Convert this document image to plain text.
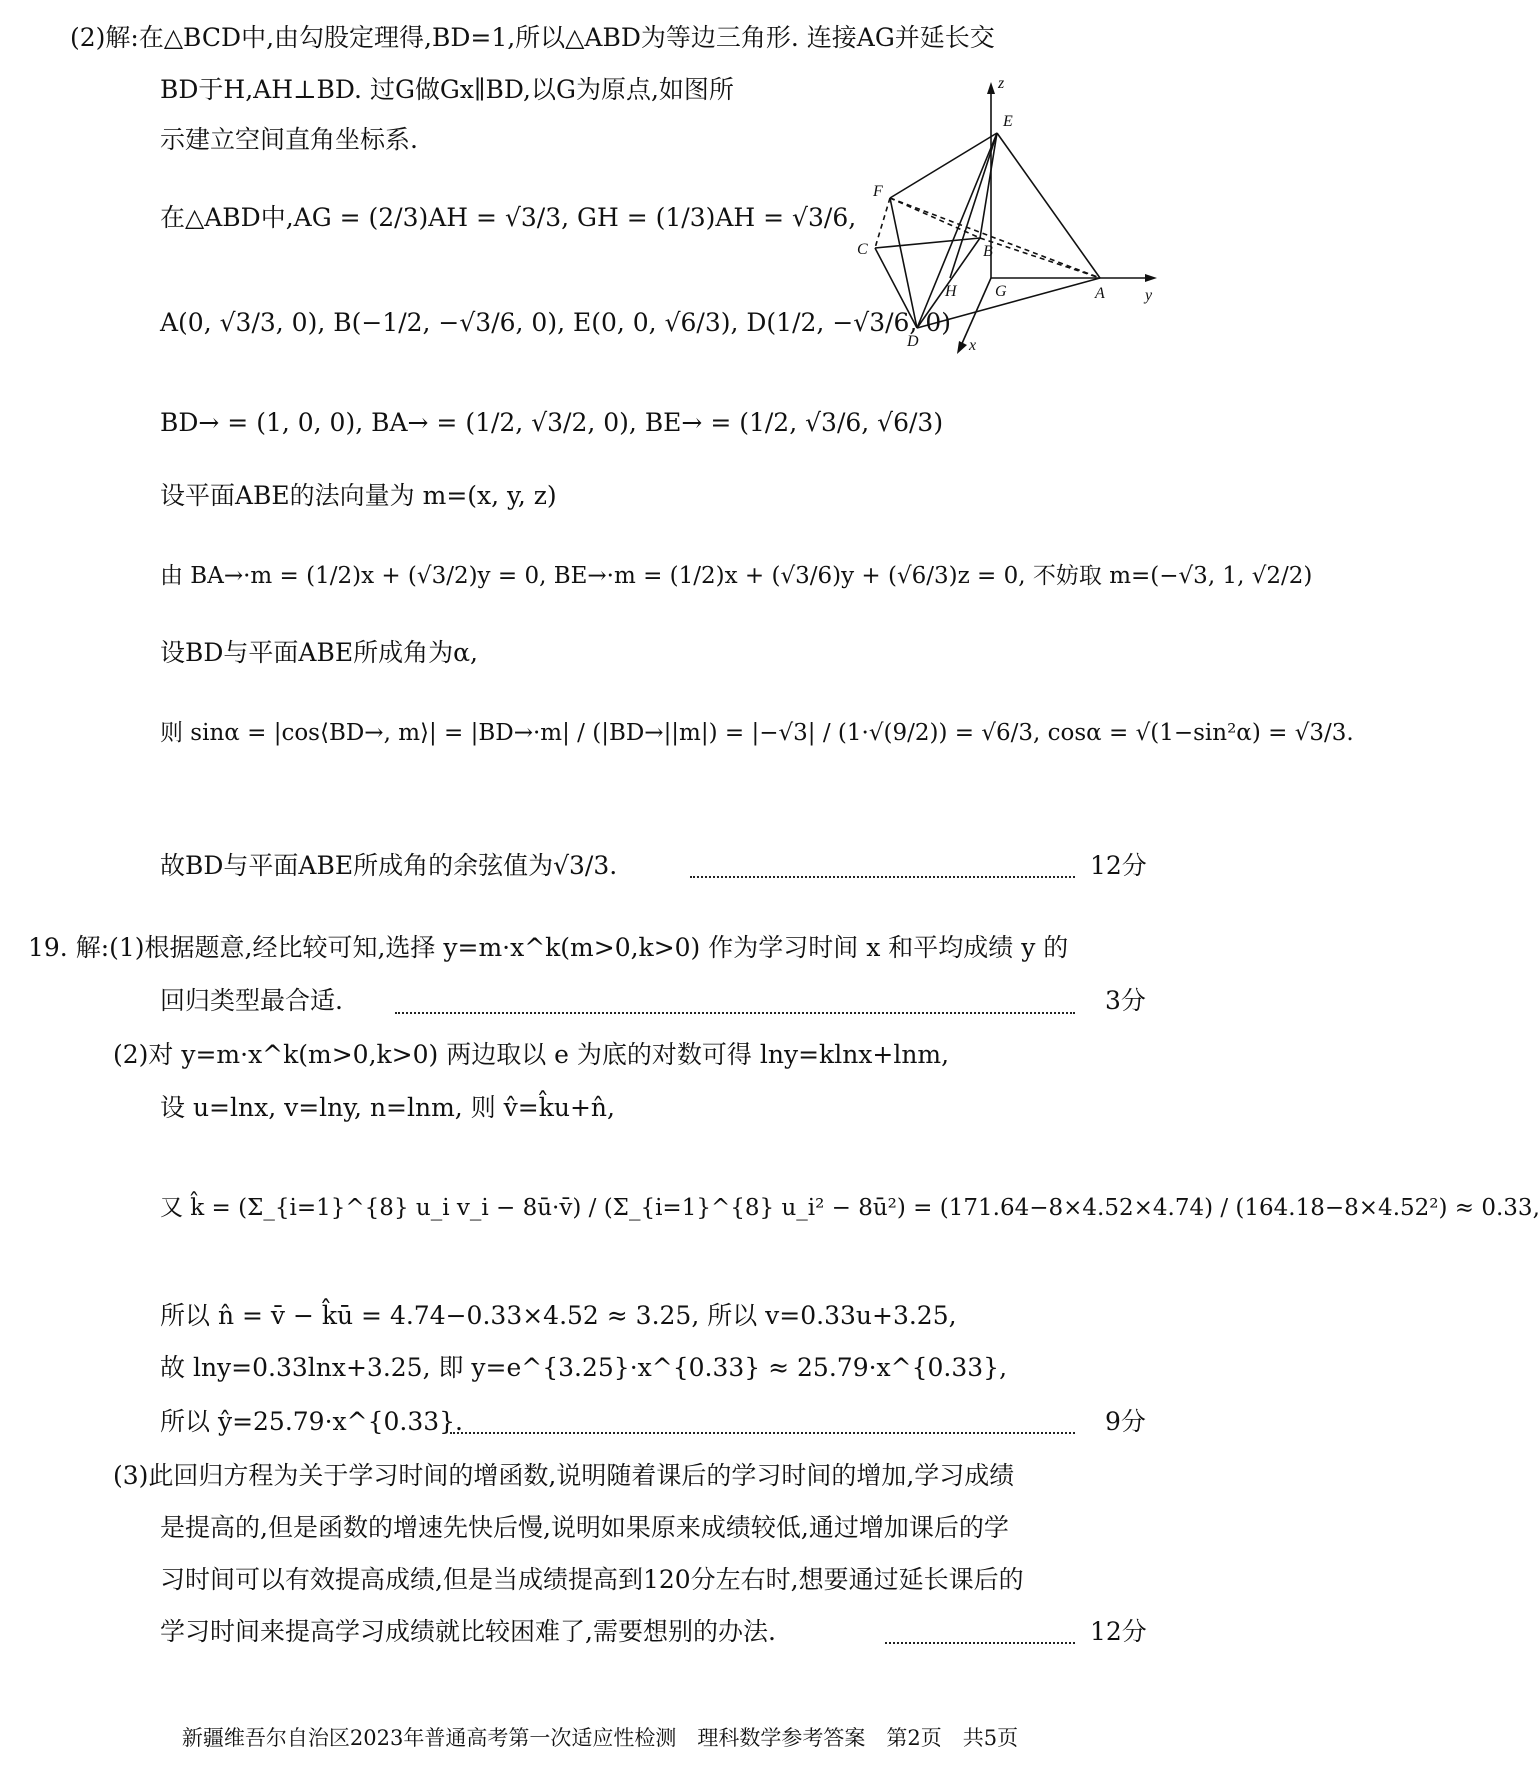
(2)解:在△BCD中,由勾股定理得,BD=1,所以△ABD为等边三角形. 连接AG并延长交
BD于H,AH⊥BD. 过G做Gx∥BD,以G为原点,如图所
示建立空间直角坐标系.
在△ABD中,AG = (2/3)AH = √3/3, GH = (1/3)AH = √3/6,
A(0, √3/3, 0), B(−1/2, −√3/6, 0), E(0, 0, √6/3), D(1/2, −√3/6, 0)
BD→ = (1, 0, 0), BA→ = (1/2, √3/2, 0), BE→ = (1/2, √3/6, √6/3)
设平面ABE的法向量为 m=(x, y, z)
由 BA→·m = (1/2)x + (√3/2)y = 0, BE→·m = (1/2)x + (√3/6)y + (√6/3)z = 0, 不妨取 m=(−√3, 1, √2/2)
设BD与平面ABE所成角为α,
则 sinα = |cos⟨BD→, m⟩| = |BD→·m| / (|BD→||m|) = |−√3| / (1·√(9/2)) = √6/3, cosα = √(1−sin²α) = √3/3.
故BD与平面ABE所成角的余弦值为√3/3.	12分
z
E
F
B
C
H G	A	y
D	x
19. 解:(1)根据题意,经比较可知,选择 y=m·x^k(m>0,k>0) 作为学习时间 x 和平均成绩 y 的
回归类型最合适.	3分
(2)对 y=m·x^k(m>0,k>0) 两边取以 e 为底的对数可得 lny=klnx+lnm,
设 u=lnx, v=lny, n=lnm, 则 v̂=k̂u+n̂,
又 k̂ = (Σ_{i=1}^{8} u_i v_i − 8ū·v̄) / (Σ_{i=1}^{8} u_i² − 8ū²) = (171.64−8×4.52×4.74) / (164.18−8×4.52²) ≈ 0.33,
所以 n̂ = v̄ − k̂ū = 4.74−0.33×4.52 ≈ 3.25, 所以 v=0.33u+3.25,
故 lny=0.33lnx+3.25, 即 y=e^{3.25}·x^{0.33} ≈ 25.79·x^{0.33},
所以 ŷ=25.79·x^{0.33}.	9分
(3)此回归方程为关于学习时间的增函数,说明随着课后的学习时间的增加,学习成绩
是提高的,但是函数的增速先快后慢,说明如果原来成绩较低,通过增加课后的学
习时间可以有效提高成绩,但是当成绩提高到120分左右时,想要通过延长课后的
学习时间来提高学习成绩就比较困难了,需要想别的办法.	12分
新疆维吾尔自治区2023年普通高考第一次适应性检测　理科数学参考答案　第2页　共5页
